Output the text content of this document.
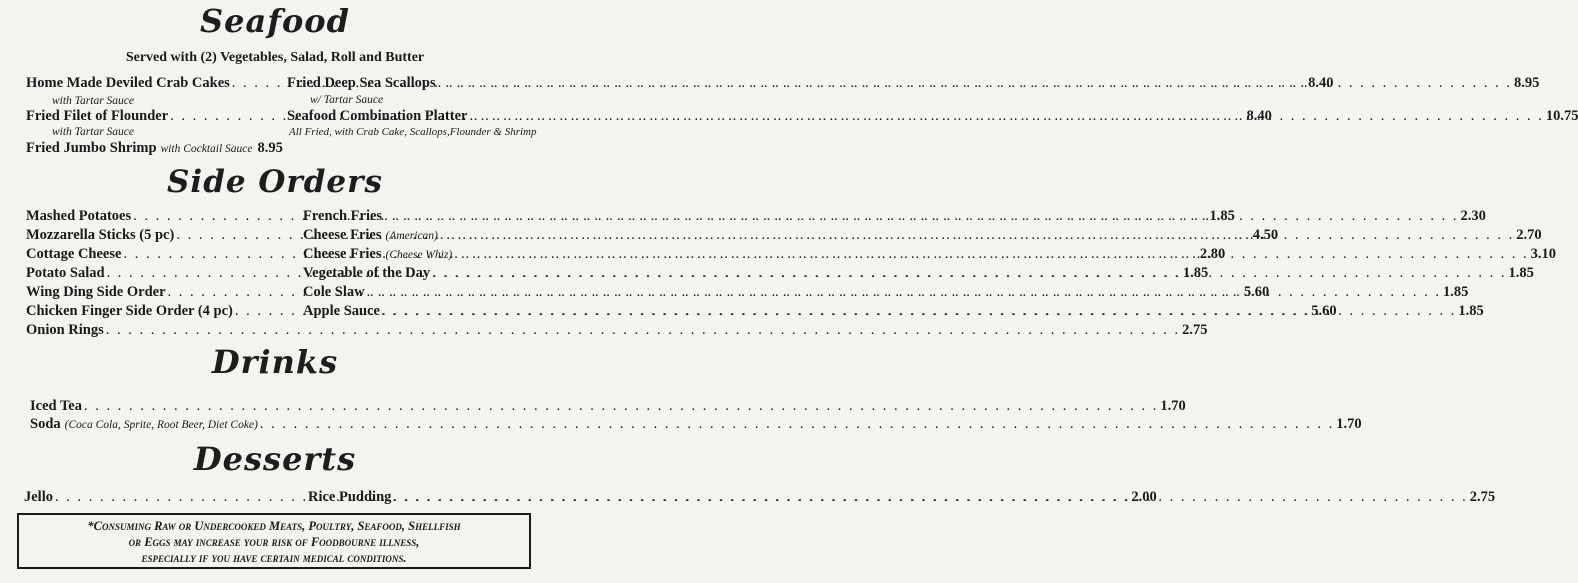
Seafood
Served with (2) Vegetables, Salad, Roll and Butter
Home Made Deviled Crab Cakes . . .	8.40
with Tartar Sauce
Fried Filet of Flounder . . .	8.40
with Tartar Sauce
Fried Jumbo Shrimp with Cocktail Sauce 8.95
Fried Deep Sea Scallops . . .	8.95
w/ Tartar Sauce
Seafood Combination Platter . . .	10.75
All Fried, with Crab Cake, Scallops,Flounder & Shrimp
Side Orders
Mashed Potatoes . . .	1.85
Mozzarella Sticks (5 pc) . . .	4.50
Cottage Cheese . . .	2.80
Potato Salad . . .	1.85
Wing Ding Side Order . . .	5.60
Chicken Finger Side Order (4 pc) . . .	5.60
Onion Rings . . .	2.75
French Fries . . .	2.30
Cheese Fries (American) . . .	2.70
Cheese Fries (Cheese Whiz) . . .	3.10
Vegetable of the Day . . .	1.85
Cole Slaw . . .	1.85
Apple Sauce . . .	1.85
Drinks
Iced Tea . . .	1.70
Soda (Coca Cola, Sprite, Root Beer, Diet Coke) . . .	1.70
Desserts
Jello . . .	2.00
Rice Pudding . . .	2.75
*Consuming Raw or Undercooked Meats, Poultry, Seafood, Shellfish
or Eggs may increase your risk of Foodbourne illness,
especially if you have certain medical conditions.
